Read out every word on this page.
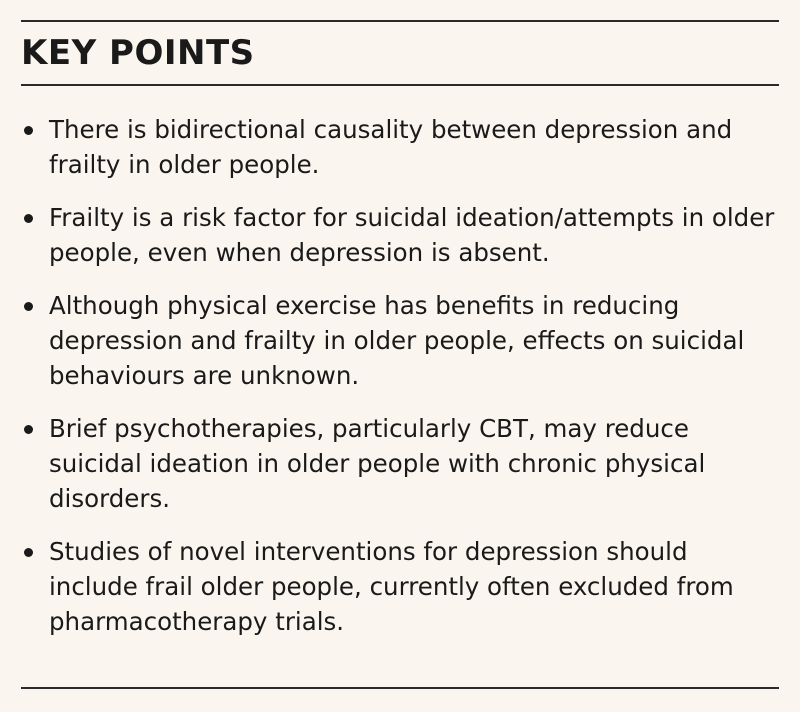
KEY POINTS
There is bidirectional causality between depression and frailty in older people.
Frailty is a risk factor for suicidal ideation/attempts in older people, even when depression is absent.
Although physical exercise has benefits in reducing depression and frailty in older people, effects on suicidal behaviours are unknown.
Brief psychotherapies, particularly CBT, may reduce suicidal ideation in older people with chronic physical disorders.
Studies of novel interventions for depression should include frail older people, currently often excluded from pharmacotherapy trials.
